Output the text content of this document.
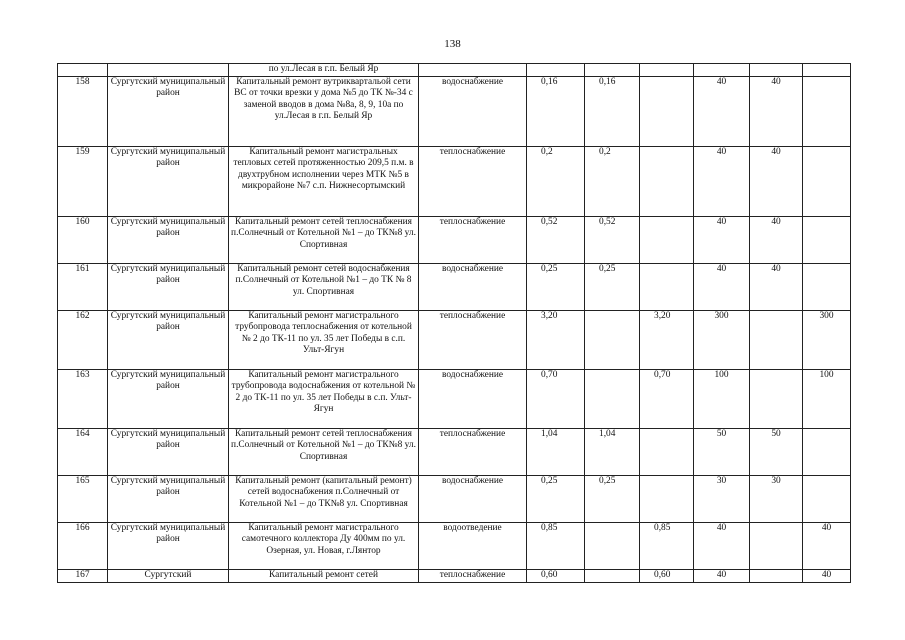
138
		по ул.Лесая в г.п. Белый Яр							
158	Сургутский муниципальный район	Капитальный ремонт вутриквартальой сети ВС от точки врезки у дома №5 до ТК №-34 с заменой вводов в дома №8а, 8, 9, 10а по ул.Лесая в г.п. Белый Яр	водоснабжение	0,16	0,16		40	40	
159	Сургутский муниципальный район	Капитальный ремонт магистральных тепловых сетей протяженностью 209,5 п.м. в двухтрубном исполнении через МТК №5 в микрорайоне №7 с.п. Нижнесортымский	теплоснабжение	0,2	0,2		40	40	
160	Сургутский муниципальный район	Капитальный ремонт сетей теплоснабжения п.Солнечный от Котельной №1 – до ТК№8 ул. Спортивная	теплоснабжение	0,52	0,52		40	40	
161	Сургутский муниципальный район	Капитальный ремонт сетей водоснабжения п.Солнечный от Котельной №1 – до ТК № 8 ул. Спортивная	водоснабжение	0,25	0,25		40	40	
162	Сургутский муниципальный район	Капитальный ремонт магистрального трубопровода теплоснабжения от котельной № 2 до ТК-11 по ул. 35 лет Победы в с.п. Ульт-Ягун	теплоснабжение	3,20		3,20	300		300
163	Сургутский муниципальный район	Капитальный ремонт магистрального трубопровода водоснабжения от котельной № 2 до ТК-11 по ул. 35 лет Победы в с.п. Ульт-Ягун	водоснабжение	0,70		0,70	100		100
164	Сургутский муниципальный район	Капитальный ремонт сетей теплоснабжения п.Солнечный от Котельной №1 – до ТК№8 ул. Спортивная	теплоснабжение	1,04	1,04		50	50	
165	Сургутский муниципальный район	Капитальный ремонт (капитальный ремонт) сетей водоснабжения п.Солнечный от Котельной №1 – до ТК№8 ул. Спортивная	водоснабжение	0,25	0,25		30	30	
166	Сургутский муниципальный район	Капитальный ремонт магистрального самотечного коллектора Ду 400мм по ул. Озерная, ул. Новая, г.Лянтор	водоотведение	0,85		0,85	40		40
167	Сургутский	Капитальный ремонт сетей	теплоснабжение	0,60		0,60	40		40
